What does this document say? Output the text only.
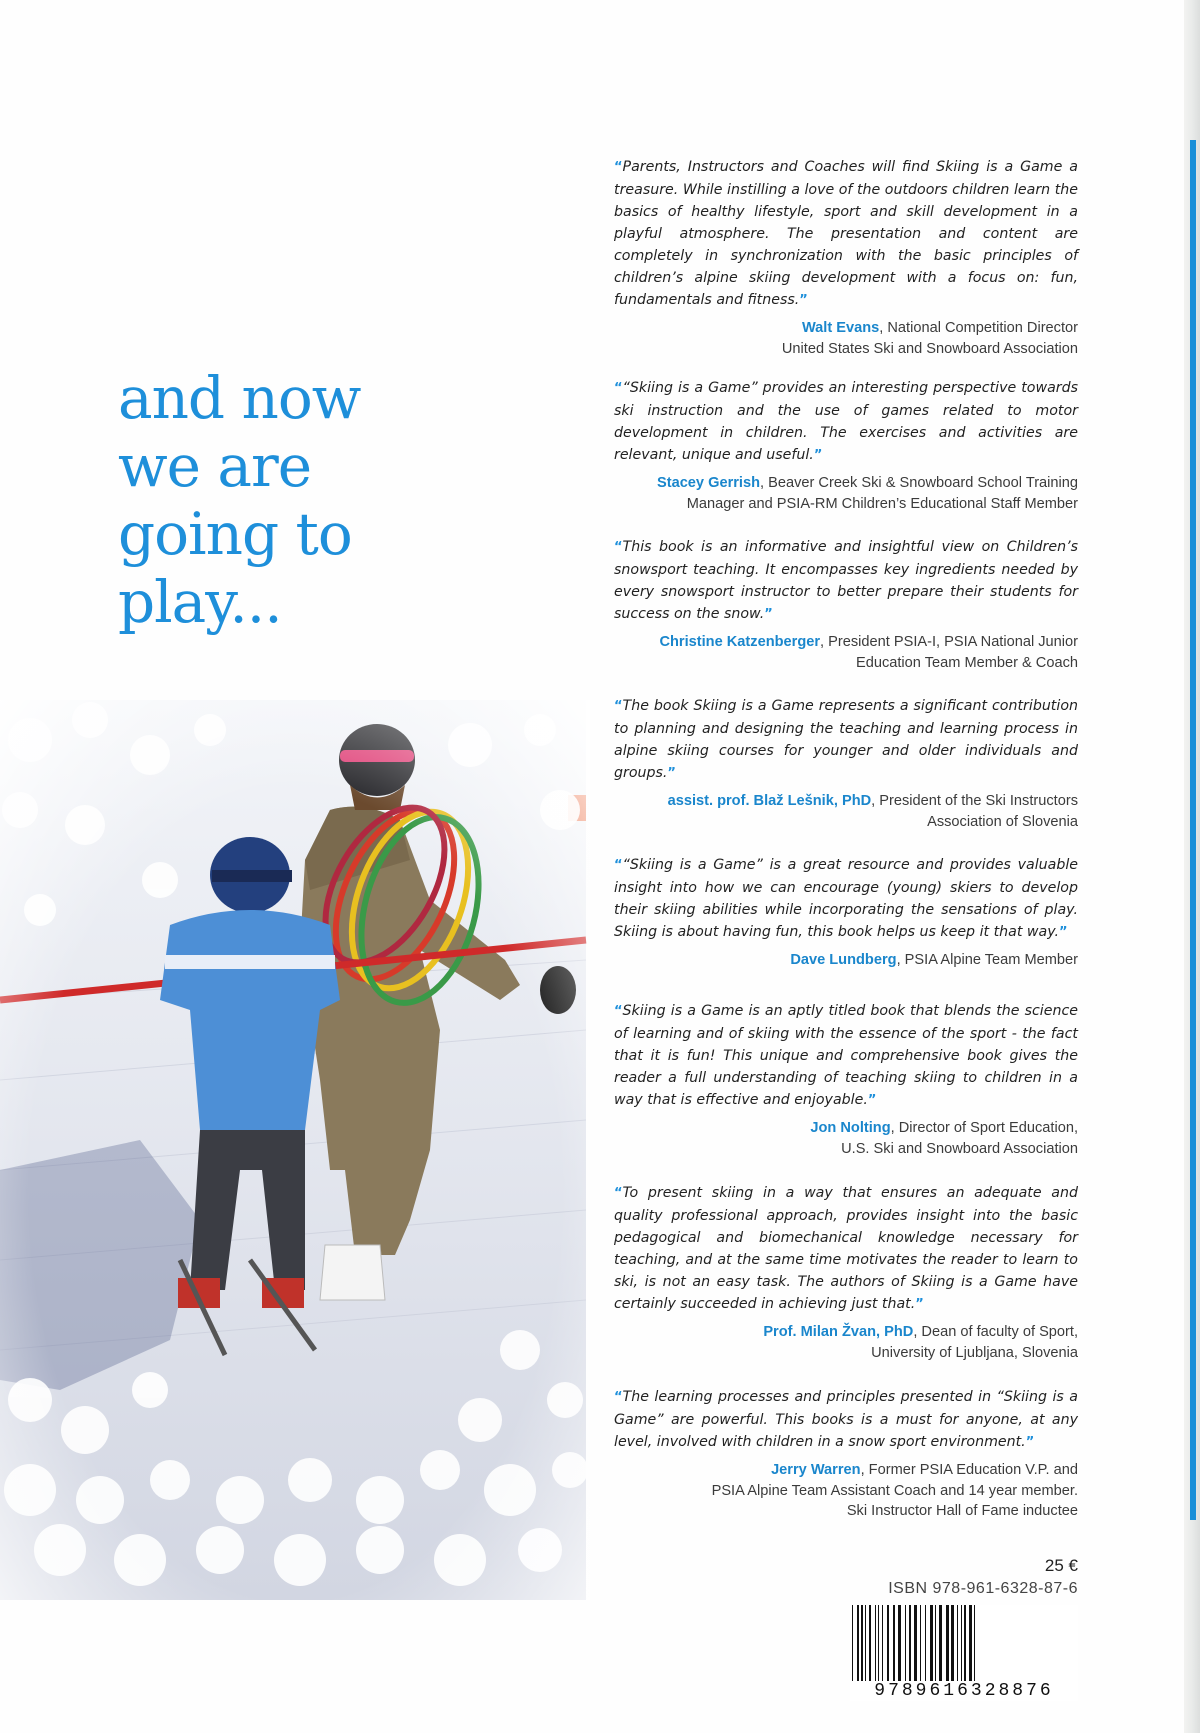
and now
we are
going to
play...

“Parents, Instructors and Coaches will find Skiing is a Game a treasure. While instilling a love of the outdoors children learn the basics of healthy lifestyle, sport and skill development in a playful atmosphere. The presentation and content are completely in synchronization with the basic principles of children’s alpine skiing development with a focus on: fun, fundamentals and fitness.”

Walt Evans, National Competition Director
United States Ski and Snowboard Association

““Skiing is a Game” provides an interesting perspective towards ski instruction and the use of games related to motor development in children. The exercises and activities are relevant, unique and useful.”

Stacey Gerrish, Beaver Creek Ski & Snowboard School Training
Manager and PSIA-RM Children’s Educational Staff Member

“This book is an informative and insightful view on Children’s snowsport teaching. It encompasses key ingredients needed by every snowsport instructor to better prepare their students for success on the snow.”

Christine Katzenberger, President PSIA-I, PSIA National Junior
Education Team Member & Coach

“The book Skiing is a Game represents a significant contribution to planning and designing the teaching and learning process in alpine skiing courses for younger and older individuals and groups.”

assist. prof. Blaž Lešnik, PhD, President of the Ski Instructors
Association of Slovenia

““Skiing is a Game” is a great resource and provides valuable insight into how we can encourage (young) skiers to develop their skiing abilities while incorporating the sensations of play. Skiing is about having fun, this book helps us keep it that way.”

Dave Lundberg, PSIA Alpine Team Member

“Skiing is a Game is an aptly titled book that blends the science of learning and of skiing with the essence of the sport - the fact that it is fun! This unique and comprehensive book gives the reader a full understanding of teaching skiing to children in a way that is effective and enjoyable.”

Jon Nolting, Director of Sport Education,
U.S. Ski and Snowboard Association

“To present skiing in a way that ensures an adequate and quality professional approach, provides insight into the basic pedagogical and biomechanical knowledge necessary for teaching, and at the same time motivates the reader to learn to ski, is not an easy task. The authors of Skiing is a Game have certainly succeeded in achieving just that.”

Prof. Milan Žvan, PhD, Dean of faculty of Sport,
University of Ljubljana, Slovenia

“The learning processes and principles presented in “Skiing is a Game” are powerful. This books is a must for anyone, at any level, involved with children in a snow sport environment.”

Jerry Warren, Former PSIA Education V.P. and
PSIA Alpine Team Assistant Coach and 14 year member.
Ski Instructor Hall of Fame inductee
25 €
ISBN 978-961-6328-87-6
9789616328876
